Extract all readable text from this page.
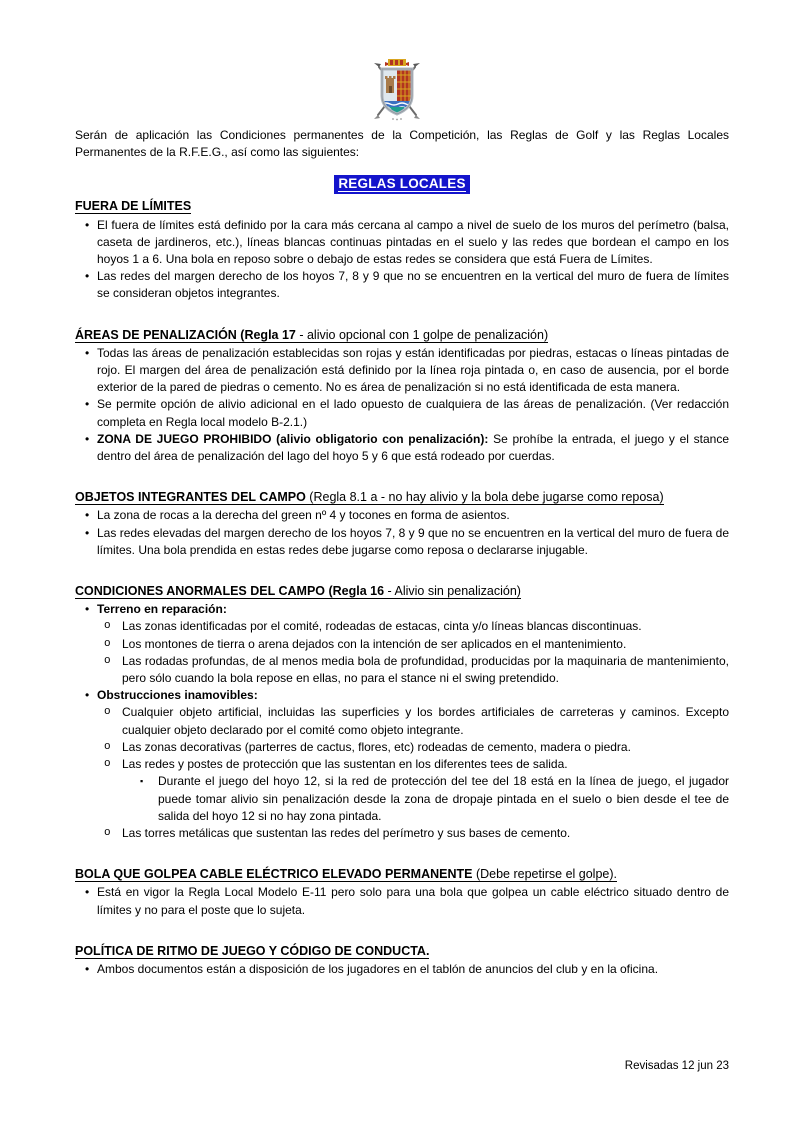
Serán de aplicación las Condiciones permanentes de la Competición, las Reglas de Golf y las Reglas Locales Permanentes de la R.F.E.G., así como las siguientes:

REGLAS LOCALES
FUERA DE LÍMITES
• El fuera de límites está definido por la cara más cercana al campo a nivel de suelo de los muros del perímetro (balsa, caseta de jardineros, etc.), líneas blancas continuas pintadas en el suelo y las redes que bordean el campo en los hoyos 1 a 6. Una bola en reposo sobre o debajo de estas redes se considera que está Fuera de Límites.
• Las redes del margen derecho de los hoyos 7, 8 y 9 que no se encuentren en la vertical del muro de fuera de límites se consideran objetos integrantes.
ÁREAS DE PENALIZACIÓN (Regla 17 - alivio opcional con 1 golpe de penalización)
• Todas las áreas de penalización establecidas son rojas y están identificadas por piedras, estacas o líneas pintadas de rojo. El margen del área de penalización está definido por la línea roja pintada o, en caso de ausencia, por el borde exterior de la pared de piedras o cemento. No es área de penalización si no está identificada de esta manera.
• Se permite opción de alivio adicional en el lado opuesto de cualquiera de las áreas de penalización. (Ver redacción completa en Regla local modelo B-2.1.)
• ZONA DE JUEGO PROHIBIDO (alivio obligatorio con penalización): Se prohíbe la entrada, el juego y el stance dentro del área de penalización del lago del hoyo 5 y 6 que está rodeado por cuerdas.
OBJETOS INTEGRANTES DEL CAMPO (Regla 8.1 a - no hay alivio y la bola debe jugarse como reposa)
• La zona de rocas a la derecha del green nº 4 y tocones en forma de asientos.
• Las redes elevadas del margen derecho de los hoyos 7, 8 y 9 que no se encuentren en la vertical del muro de fuera de límites. Una bola prendida en estas redes debe jugarse como reposa o declararse injugable.
CONDICIONES ANORMALES DEL CAMPO (Regla 16 - Alivio sin penalización)
• Terreno en reparación:
o Las zonas identificadas por el comité, rodeadas de estacas, cinta y/o líneas blancas discontinuas.
o Los montones de tierra o arena dejados con la intención de ser aplicados en el mantenimiento.
o Las rodadas profundas, de al menos media bola de profundidad, producidas por la maquinaria de mantenimiento, pero sólo cuando la bola repose en ellas, no para el stance ni el swing pretendido.
• Obstrucciones inamovibles:
o Cualquier objeto artificial, incluidas las superficies y los bordes artificiales de carreteras y caminos. Excepto cualquier objeto declarado por el comité como objeto integrante.
o Las zonas decorativas (parterres de cactus, flores, etc) rodeadas de cemento, madera o piedra.
o Las redes y postes de protección que las sustentan en los diferentes tees de salida.
▪	Durante el juego del hoyo 12, si la red de protección del tee del 18 está en la línea de juego, el jugador puede tomar alivio sin penalización desde la zona de dropaje pintada en el suelo o bien desde el tee de salida del hoyo 12 si no hay zona pintada.
o Las torres metálicas que sustentan las redes del perímetro y sus bases de cemento.
BOLA QUE GOLPEA CABLE ELÉCTRICO ELEVADO PERMANENTE (Debe repetirse el golpe).
• Está en vigor la Regla Local Modelo E-11 pero solo para una bola que golpea un cable eléctrico situado dentro de límites y no para el poste que lo sujeta.
POLÍTICA DE RITMO DE JUEGO Y CÓDIGO DE CONDUCTA.
• Ambos documentos están a disposición de los jugadores en el tablón de anuncios del club y en la oficina.
Revisadas 12 jun 23
